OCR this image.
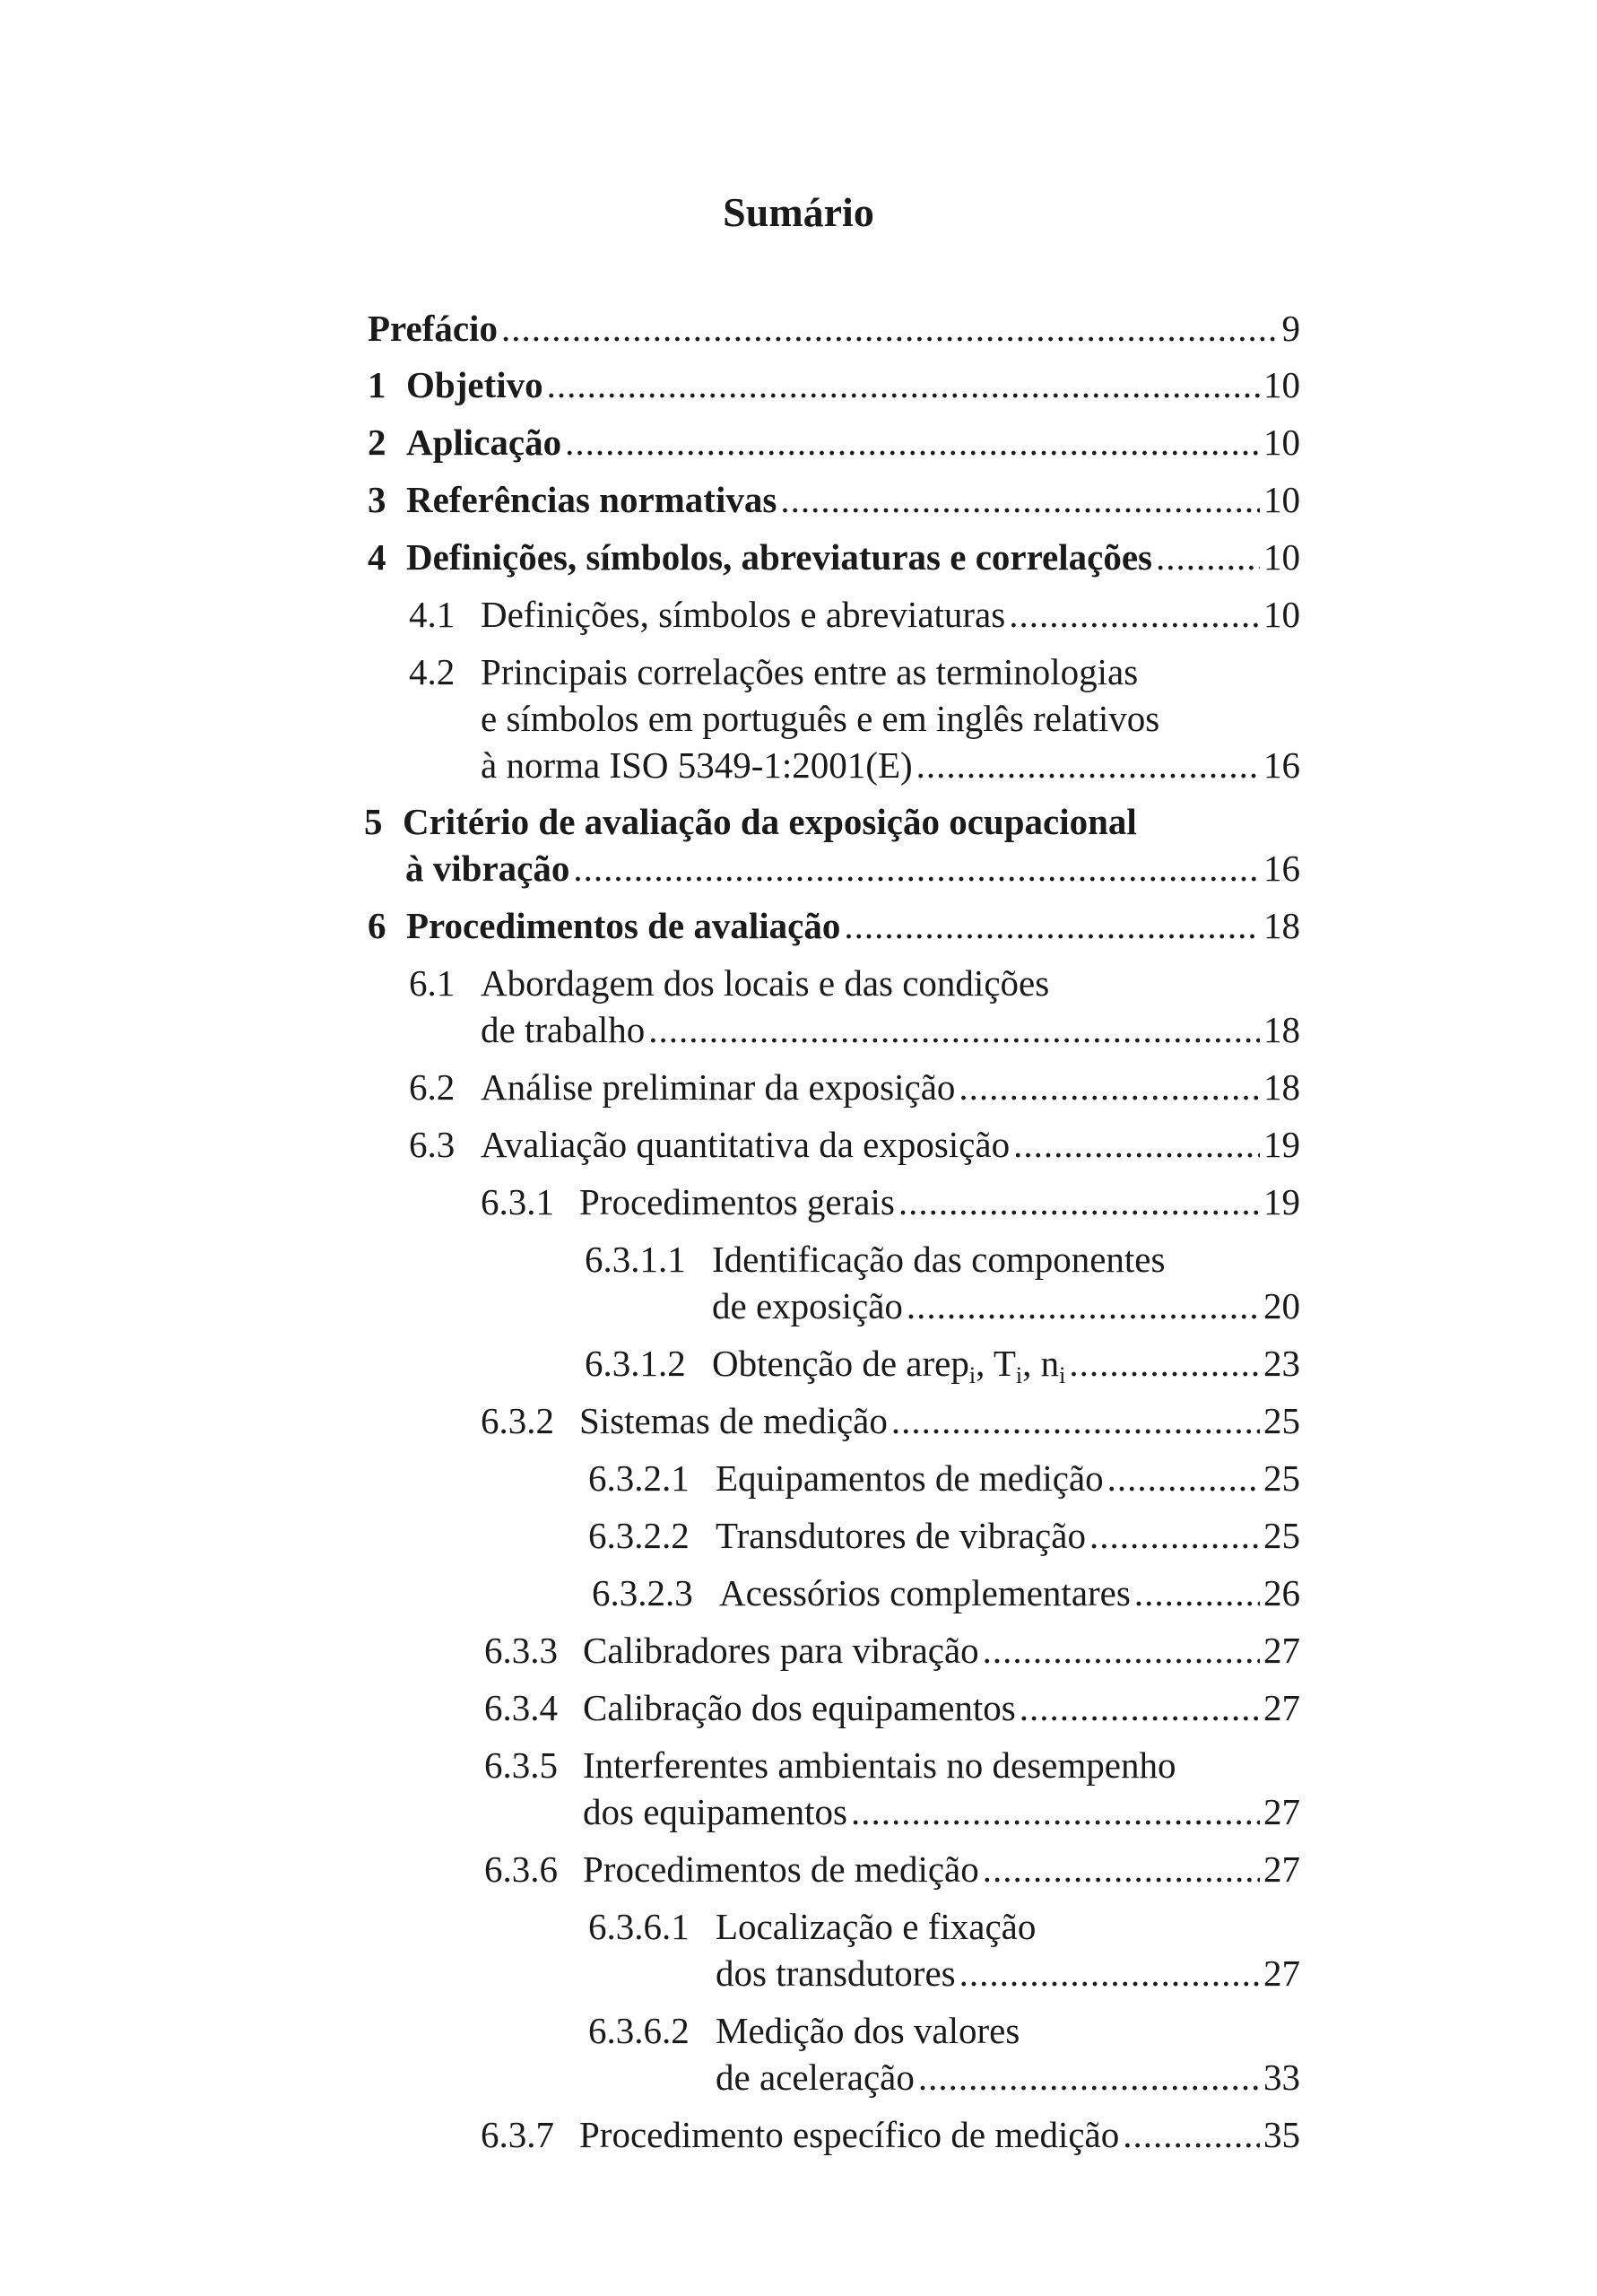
Sumário
Prefácio .....	9
1 Objetivo .....	10
2 Aplicação .....	10
3 Referências normativas .....	10
4 Definições, símbolos, abreviaturas e correlações .....	10
4.1 Definições, símbolos e abreviaturas .....	10
4.2 Principais correlações entre as terminologias
e símbolos em português e em inglês relativos
à norma ISO 5349-1:2001(E) .....	16
5 Critério de avaliação da exposição ocupacional
à vibração .....	16
6 Procedimentos de avaliação .....	18
6.1 Abordagem dos locais e das condições
de trabalho .....	18
6.2 Análise preliminar da exposição .....	18
6.3 Avaliação quantitativa da exposição .....	19
6.3.1 Procedimentos gerais .....	19
6.3.1.1 Identificação das componentes
de exposição .....	20
6.3.1.2 Obtenção de arep$_i$, $T_i$, $n_i$ .....	23
6.3.2 Sistemas de medição .....	25
6.3.2.1 Equipamentos de medição .....	25
6.3.2.2 Transdutores de vibração .....	25
6.3.2.3 Acessórios complementares .....	26
6.3.3 Calibradores para vibração .....	27
6.3.4 Calibração dos equipamentos .....	27
6.3.5 Interferentes ambientais no desempenho
dos equipamentos .....	27
6.3.6 Procedimentos de medição .....	27
6.3.6.1 Localização e fixação
dos transdutores .....	27
6.3.6.2 Medição dos valores
de aceleração .....	33
6.3.7 Procedimento específico de medição .....	35
